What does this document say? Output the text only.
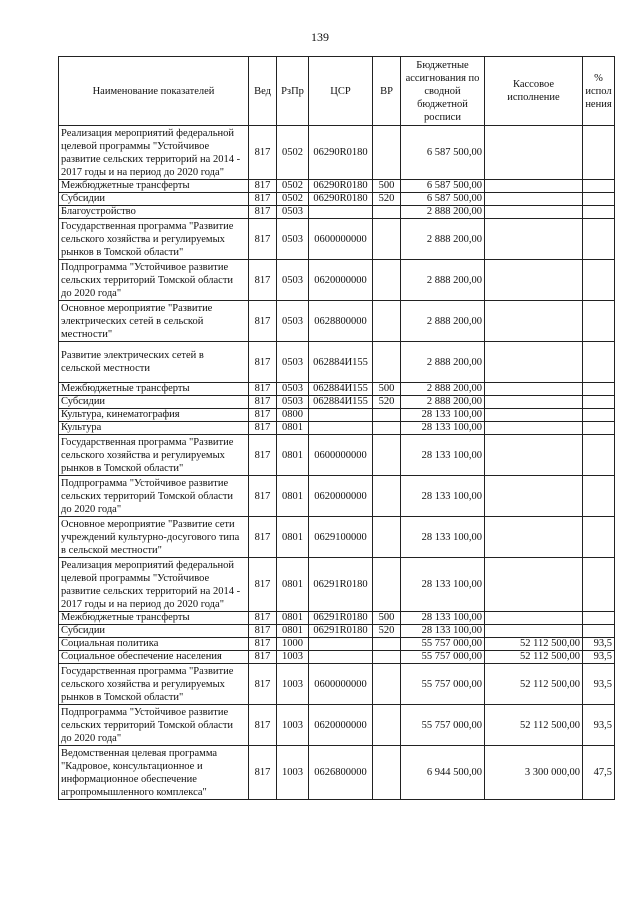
139
Наименование показателей	Вед	РзПр	ЦСР	ВР	Бюджетные ассигнования по сводной бюджетной росписи	Кассовое исполнение	% испол нения
Реализация мероприятий федеральной целевой программы "Устойчивое развитие сельских территорий на 2014 - 2017 годы и на период до 2020 года"	817	0502	06290R0180		6 587 500,00		
Межбюджетные трансферты	817	0502	06290R0180	500	6 587 500,00		
Субсидии	817	0502	06290R0180	520	6 587 500,00		
Благоустройство	817	0503			2 888 200,00		
Государственная программа "Развитие сельского хозяйства и регулируемых рынков в Томской области"	817	0503	0600000000		2 888 200,00		
Подпрограмма "Устойчивое развитие сельских территорий Томской области до 2020 года"	817	0503	0620000000		2 888 200,00		
Основное мероприятие "Развитие электрических сетей в сельской местности"	817	0503	0628800000		2 888 200,00		
Развитие электрических сетей в сельской местности	817	0503	062884И155		2 888 200,00		
Межбюджетные трансферты	817	0503	062884И155	500	2 888 200,00		
Субсидии	817	0503	062884И155	520	2 888 200,00		
Культура, кинематография	817	0800			28 133 100,00		
Культура	817	0801			28 133 100,00		
Государственная программа "Развитие сельского хозяйства и регулируемых рынков в Томской области"	817	0801	0600000000		28 133 100,00		
Подпрограмма "Устойчивое развитие сельских территорий Томской области до 2020 года"	817	0801	0620000000		28 133 100,00		
Основное мероприятие "Развитие сети учреждений культурно-досугового типа в сельской местности"	817	0801	0629100000		28 133 100,00		
Реализация мероприятий федеральной целевой программы "Устойчивое развитие сельских территорий на 2014 - 2017 годы и на период до 2020 года"	817	0801	06291R0180		28 133 100,00		
Межбюджетные трансферты	817	0801	06291R0180	500	28 133 100,00		
Субсидии	817	0801	06291R0180	520	28 133 100,00		
Социальная политика	817	1000			55 757 000,00	52 112 500,00	93,5
Социальное обеспечение населения	817	1003			55 757 000,00	52 112 500,00	93,5
Государственная программа "Развитие сельского хозяйства и регулируемых рынков в Томской области"	817	1003	0600000000		55 757 000,00	52 112 500,00	93,5
Подпрограмма "Устойчивое развитие сельских территорий Томской области до 2020 года"	817	1003	0620000000		55 757 000,00	52 112 500,00	93,5
Ведомственная целевая программа "Кадровое, консультационное и информационное обеспечение агропромышленного комплекса"	817	1003	0626800000		6 944 500,00	3 300 000,00	47,5
